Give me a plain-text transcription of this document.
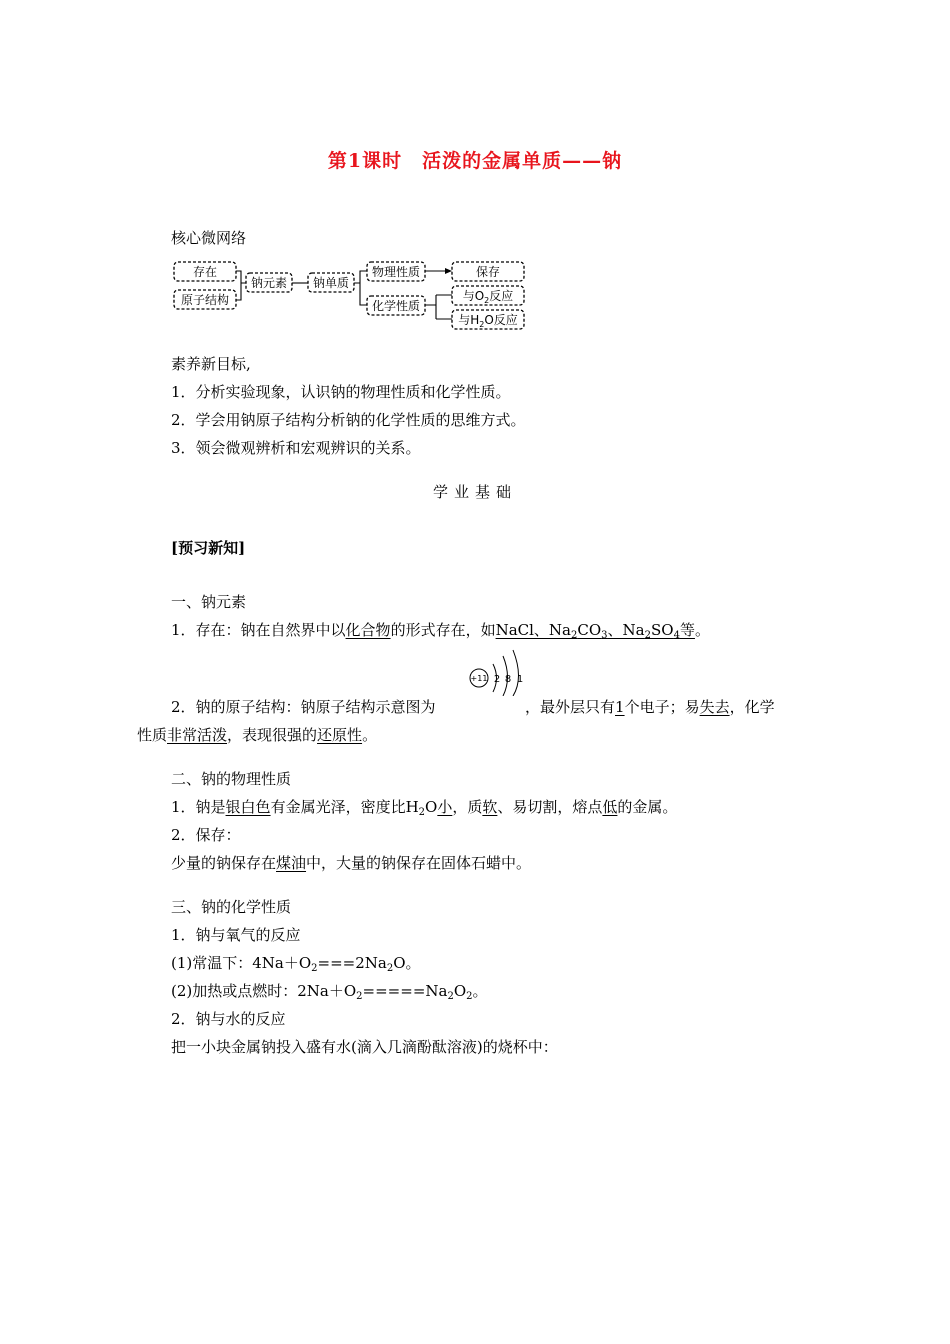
第1课时　活泼的金属单质——钠
核心微网络
存在
原子结构
钠元素 钠单质
物理性质
化学性质
保存
与$O_2$反应
与$H_2O$反应
素养新目标,
1．分析实验现象，认识钠的物理性质和化学性质。
2．学会用钠原子结构分析钠的化学性质的思维方式。
3．领会微观辨析和宏观辨识的关系。
学业基础
[预习新知]
一、钠元素
1．存在：钠在自然界中以化合物的形式存在，如NaCl、$Na_2CO_3$、$Na_2SO_4$等。
+11 2 8 1
2．钠的原子结构：钠原子结构示意图为	，最外层只有1个电子；易失去，化学
性质非常活泼，表现很强的还原性。
二、钠的物理性质
1．钠是银白色有金属光泽，密度比$H_2O$小，质软、易切割，熔点低的金属。
2．保存：
少量的钠保存在煤油中，大量的钠保存在固体石蜡中。
三、钠的化学性质
1．钠与氧气的反应
(1)常温下：$4Na+O_2===2Na_2O$。
(2)加热或点燃时：$2Na+O_2=====Na_2O_2$。
2．钠与水的反应
把一小块金属钠投入盛有水(滴入几滴酚酞溶液)的烧杯中：
